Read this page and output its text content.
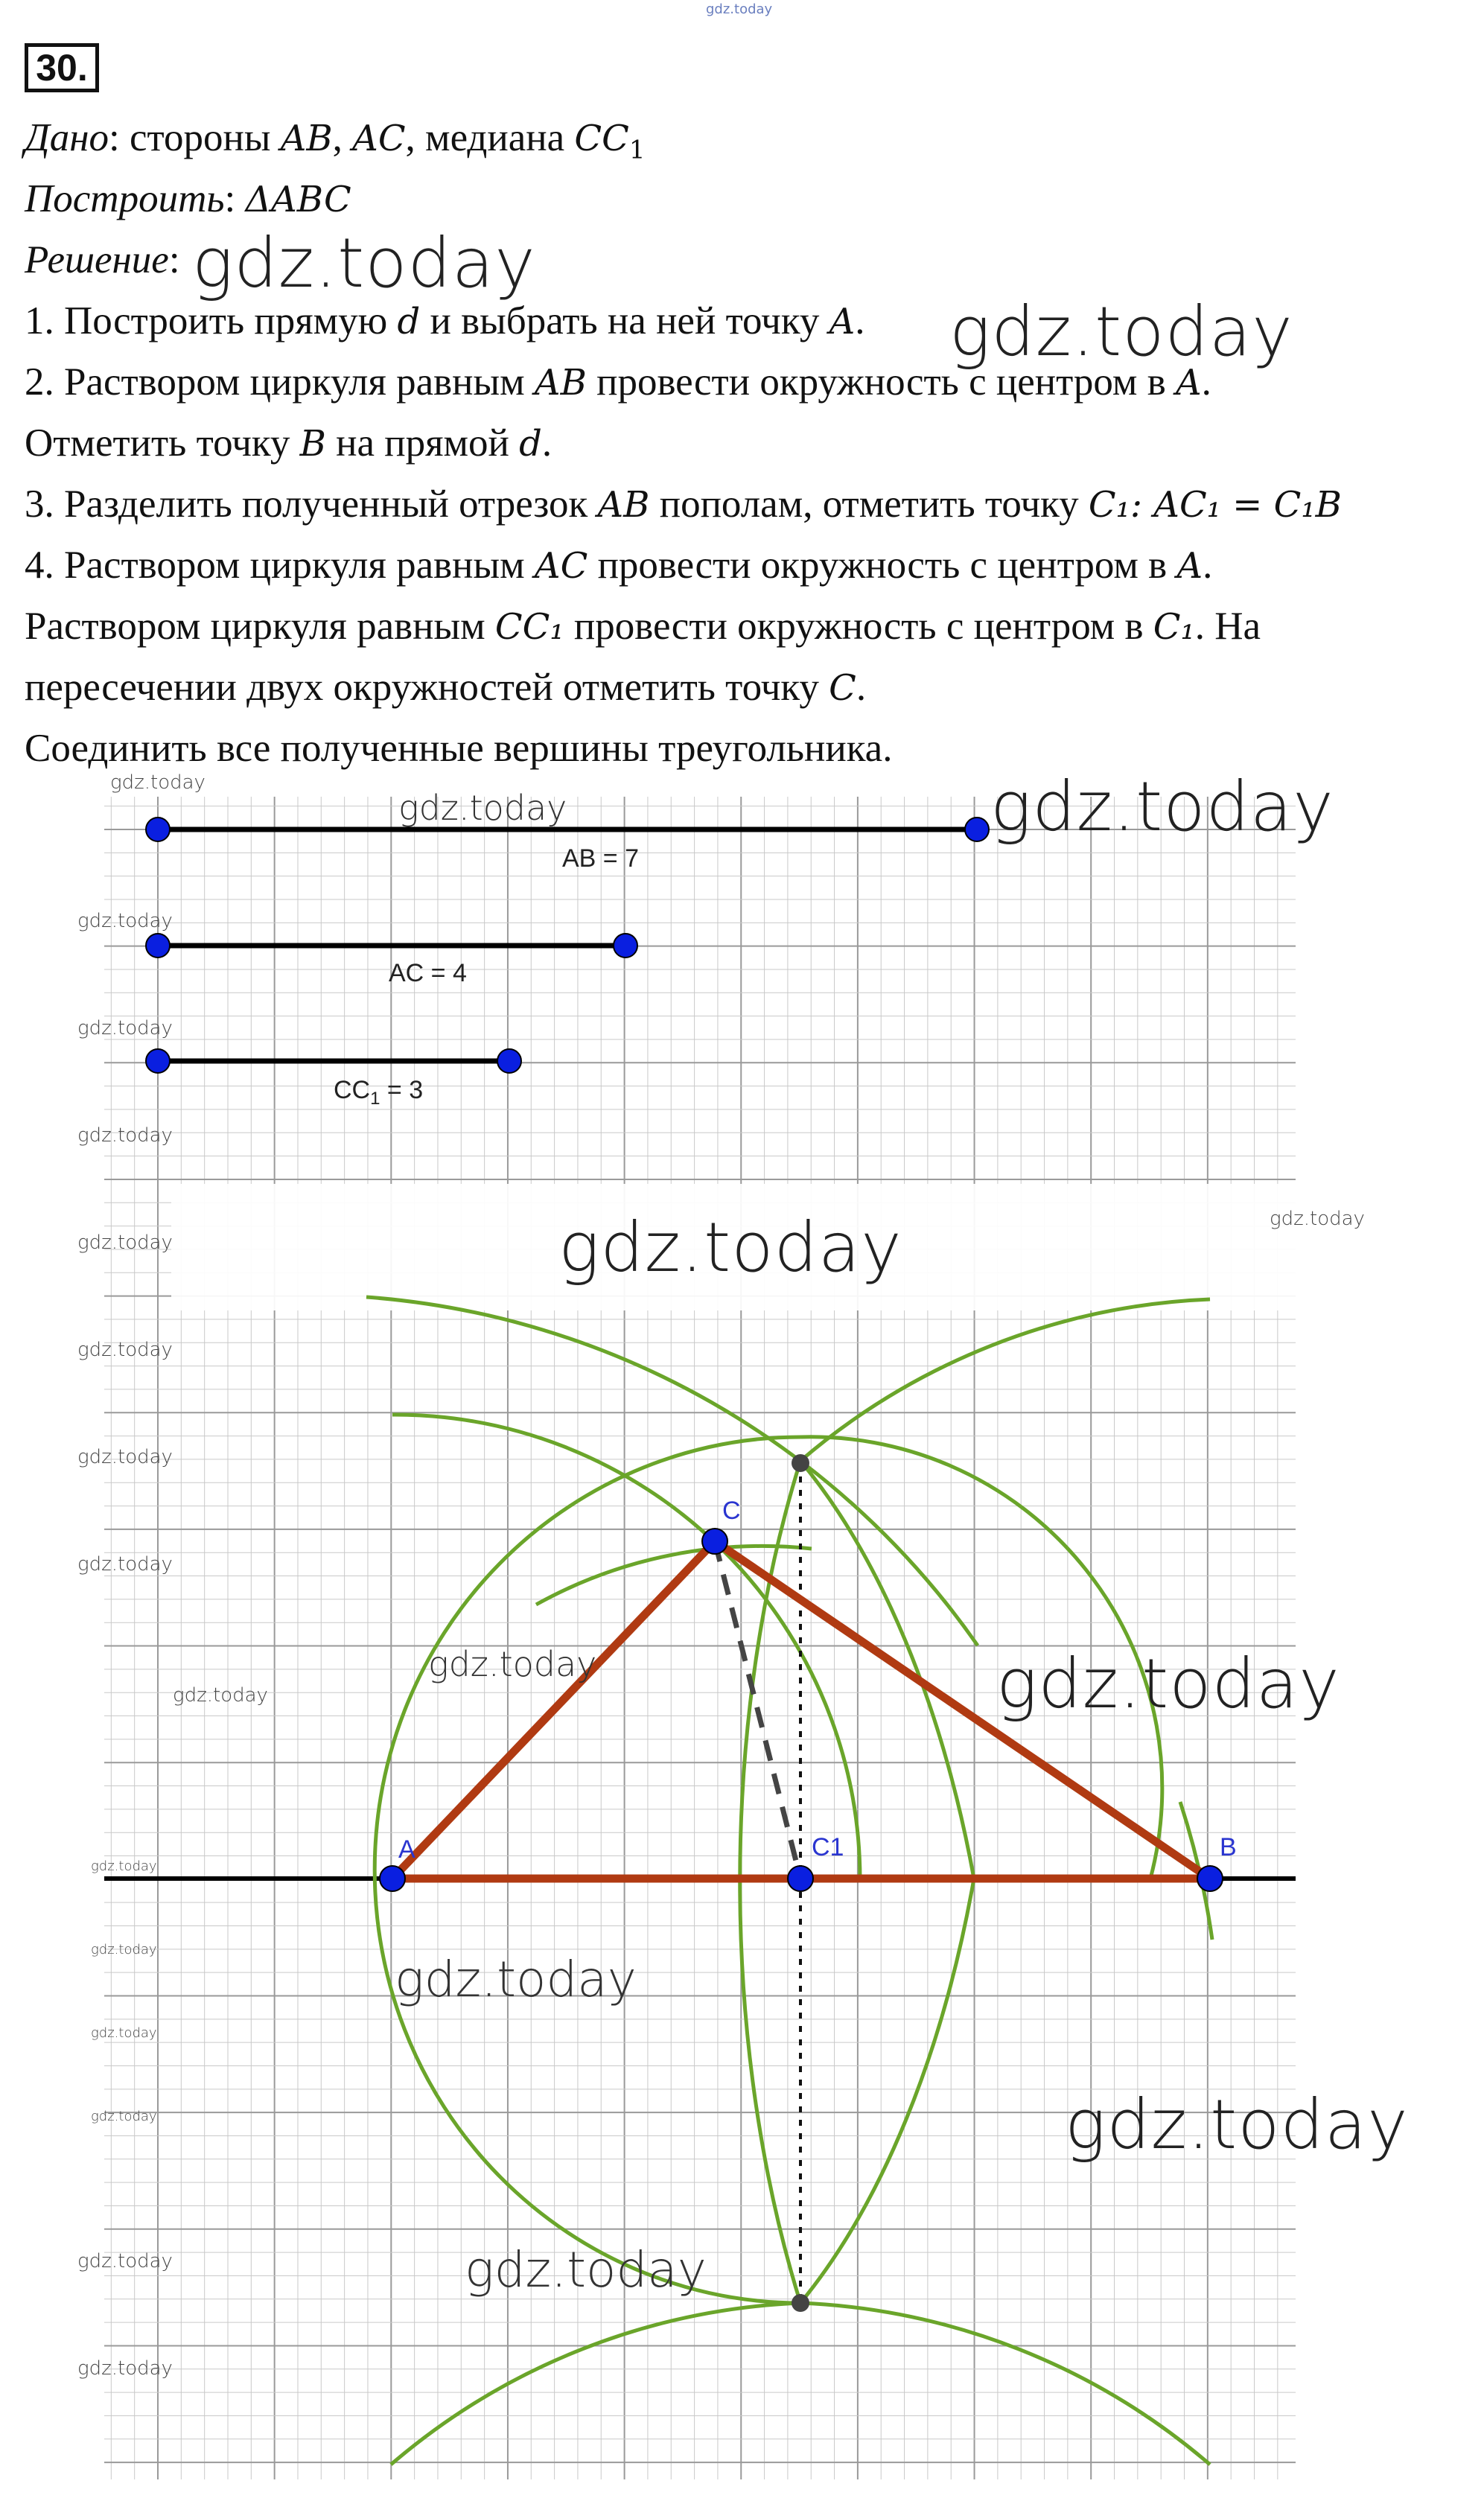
gdz.today
30.
Дано: стороны AB, AC, медиана $CC_1$
Построить: ΔABC
Решение:
1. Построить прямую d и выбрать на ней точку A.
2. Раствором циркуля равным AB провести окружность с центром в A.
Отметить точку B на прямой d.
3. Разделить полученный отрезок AB пополам, отметить точку C₁: AC₁ = C₁B
4. Раствором циркуля равным AC провести окружность с центром в A.
Раствором циркуля равным CC₁ провести окружность с центром в C₁. На
пересечении двух окружностей отметить точку C.
Соединить все полученные вершины треугольника.
AB = 7
AC = 4
$CC_1 = 3$
A	B
C
C1
gdz.today
gdz.today
gdz.today
gdz.today	gdz.today
gdz.today
gdz.today
gdz.today
gdz.today	gdz.today	gdz.today
gdz.today
gdz.today
gdz.today
gdz.today
gdz.today	gdz.today
gdz.today
gdz.today
gdz.today
gdz.today
gdz.today	gdz.today
gdz.today	gdz.today
gdz.today
